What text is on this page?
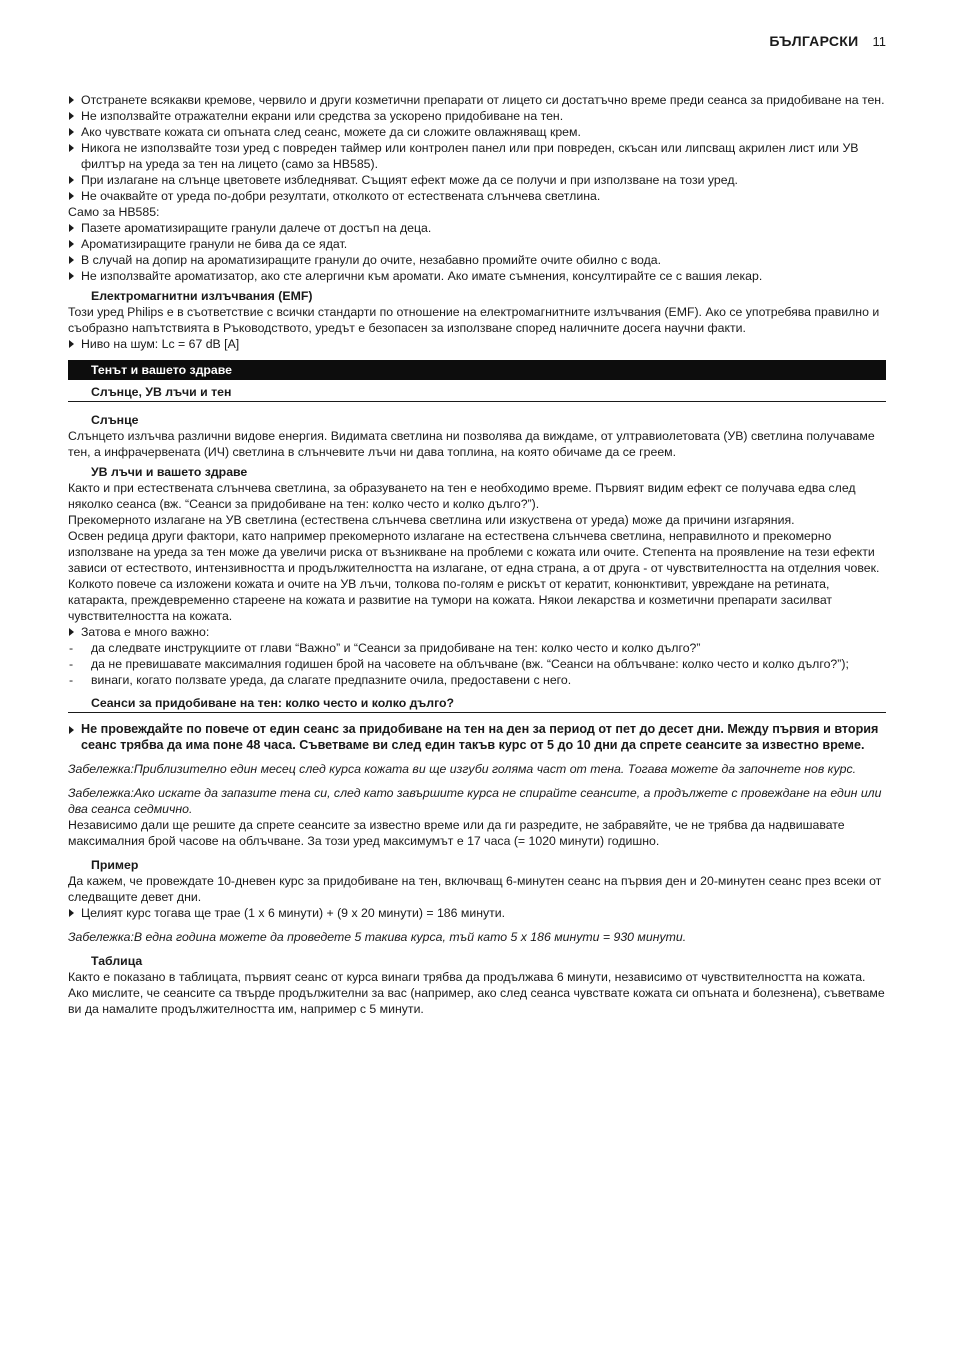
БЪЛГАРСКИ 11
Отстранете всякакви кремове, червило и други козметични препарати от лицето си достатъчно време преди сеанса за придобиване на тен.
Не използвайте отражателни екрани или средства за ускорено придобиване на тен.
Ако чувствате кожата си опъната след сеанс, можете да си сложите овлажняващ крем.
Никога не използвайте този уред с повреден таймер или контролен панел или при повреден, скъсан или липсващ акрилен лист или УВ филтър на уреда за тен на лицето (само за HB585).
При излагане на слънце цветовете избледняват. Същият ефект може да се получи и при използване на този уред.
Не очаквайте от уреда по-добри резултати, отколкото от естествената слънчева светлина.
Само за HB585:
Пазете ароматизиращите гранули далече от достъп на деца.
Ароматизиращите гранули не бива да се ядат.
В случай на допир на ароматизиращите гранули до очите, незабавно промийте очите обилно с вода.
Не използвайте ароматизатор, ако сте алергични към аромати. Ако имате съмнения, консултирайте се с вашия лекар.
Електромагнитни излъчвания (EMF)
Този уред Philips е в съответствие с всички стандарти по отношение на електромагнитните излъчвания (EMF). Ако се употребява правилно и съобразно напътствията в Ръководството, уредът е безопасен за използване според наличните досега научни факти.
Ниво на шум: Lc = 67 dB [A]
Тенът и вашето здраве
Слънце, УВ лъчи и тен
Слънце
Слънцето излъчва различни видове енергия. Видимата светлина ни позволява да виждаме, от ултравиолетовата (УВ) светлина получаваме тен, а инфрачервената (ИЧ) светлина в слънчевите лъчи ни дава топлина, на която обичаме да се греем.
УВ лъчи и вашето здраве
Както и при естествената слънчева светлина, за образуването на тен е необходимо време. Първият видим ефект се получава едва след няколко сеанса (вж. “Сеанси за придобиване на тен: колко често и колко дълго?”).
Прекомерното излагане на УВ светлина (естествена слънчева светлина или изкуствена от уреда) може да причини изгаряния.
Освен редица други фактори, като например прекомерното излагане на естествена слънчева светлина, неправилното и прекомерно използване на уреда за тен може да увеличи риска от възникване на проблеми с кожата или очите. Степента на проявление на тези ефекти зависи от естеството, интензивността и продължителността на излагане, от една страна, а от друга - от чувствителността на отделния човек.
Колкото повече са изложени кожата и очите на УВ лъчи, толкова по-голям е рискът от кератит, конюнктивит, увреждане на ретината, катаракта, преждевременно стареене на кожата и развитие на тумори на кожата. Някои лекарства и козметични препарати засилват чувствителността на кожата.
Затова е много важно:
- да следвате инструкциите от глави “Важно” и “Сеанси за придобиване на тен: колко често и колко дълго?”
- да не превишавате максималния годишен брой на часовете на облъчване (вж. “Сеанси на облъчване: колко често и колко дълго?”);
- винаги, когато ползвате уреда, да слагате предпазните очила, предоставени с него.
Сеанси за придобиване на тен: колко често и колко дълго?
Не провеждайте по повече от един сеанс за придобиване на тен на ден за период от пет до десет дни. Между първия и втория сеанс трябва да има поне 48 часа. Съветваме ви след един такъв курс от 5 до 10 дни да спрете сеансите за известно време.
Забележка:Приблизително един месец след курса кожата ви ще изгуби голяма част от тена. Тогава можете да започнете нов курс.
Забележка:Ако искате да запазите тена си, след като завършите курса не спирайте сеансите, а продължете с провеждане на един или два сеанса седмично.
Независимо дали ще решите да спрете сеансите за известно време или да ги разредите, не забравяйте, че не трябва да надвишавате максималния брой часове на облъчване. За този уред максимумът е 17 часа (= 1020 минути) годишно.
Пример
Да кажем, че провеждате 10-дневен курс за придобиване на тен, включващ 6-минутен сеанс на първия ден и 20-минутен сеанс през всеки от следващите девет дни.
Целият курс тогава ще трае (1 x 6 минути) + (9 x 20 минути) = 186 минути.
Забележка:В една година можете да проведете 5 такива курса, тъй като 5 x 186 минути = 930 минути.
Таблица
Както е показано в таблицата, първият сеанс от курса винаги трябва да продължава 6 минути, независимо от чувствителността на кожата.
Ако мислите, че сеансите са твърде продължителни за вас (например, ако след сеанса чувствате кожата си опъната и болезнена), съветваме ви да намалите продължителността им, например с 5 минути.
